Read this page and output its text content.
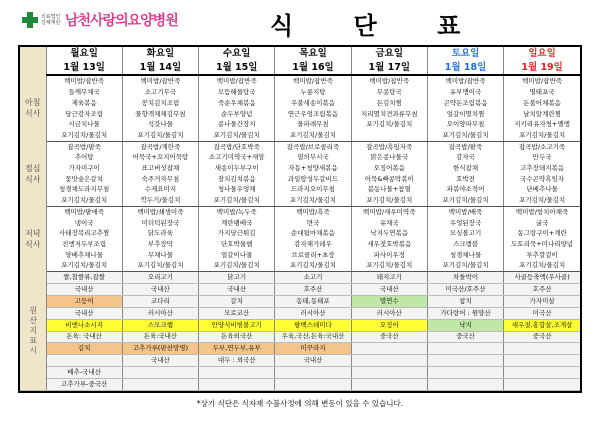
의료법인 김해재단 남천사랑의요양병원	식 단 표
	월요일	화요일	수요일	목요일	금요일	토요일	일요일
	1월 13일	1월 14일	1월 15일	1월 16일	1월 17일	1월 18일	1월 19일
아침
식사	백미밥/잡반죽	백미밥/잡반죽	백미밥/잡반죽	백미밥/잡반죽	백미밥/잡반죽	백미밥/잡반죽	백미밥/잡반죽
	들깨무채국	소고기무국	모듬해물탕국	누룽지탕	무콩탕국	유부맹이국	명태포국
	제육볶음	꽁치김치조림	죽순우채볶음	우불새송이볶음	돈김치찜	곤약돈조림볶음	돈불어채볶음
	당근감자조림	물향개채채김무침	순두부양념	연근우엉조림볶음	지리멸치견과류무침	얼갈이멸치찜	날치알계란찜
	시금치나물	석갓나물	콩나물간장지	물파래무침	포기김치/물김치	오이양파무침	지키리유자청+멜앵
	포기김치/물김치	포기김치/물김치	포기김치/물김치	포기김치/물김치		포기김치/물김치	포기김치/물김치
점심
식사	잡곡밥/팥죽	잡곡밥/계란죽	잡곡밥/단호박죽	잡곡밥/브로콜리죽	잡곡밥/흑임자죽	잡곡밥/팥죽	잡곡밥/소고기죽
	추어탕	어묵국+꼬지어묵탕	소고기미역국+새알	열의무시국	맑은콩나물국	감자국	만두국
	가자미구이	표고버섯잡채	새송이두부구이	자동+청양새볶음	오징어볶음	한식잡채	고추장돼지볶음
	꽃맛숲은갈치	숙주거자무침	잠치김치볶음	과일땅성두갈비드	어묵&빠콩막볶이	호박전	국수곤약흑임자
	청경채도라지무침	수제요미지	청나물우엉채	드라지오이무침	봄동나물+참혈	파볶야소적어	단배추나물
	포기김치/물김치	깍두기/물김치	포기김치/물김치	포기김치/물김치	포기김치/물김치	포기김치/물김치	포기김치/물김치
저녁
식사	백미밥/팥애죽	백미밥/쇄생이죽	백미밥/녹두죽	백미밥/흑죽	백미밥/새우미역죽	백미밥/배죽	백미밥/항치아채죽
	냉이국	미더덕된장국	계란팽배국	면국	유채국	우엉된장국	굴국
	사태장복리고추찜	닭도라육	가지당근튀김	순대됩마채볶음	낙지두연볶음	모싱볼고기	동그랑구이+계란
	진앵저두부조림	부추장막	단호박물헴	감자채가레우	새우젓호박볶음	스크램블	도토리묵+미나리양념
	양배추채나물	무채나물	얼갈이나물	브로콜리+초장	파사이우정	청경채나물	부추깔겉이
	포기김치/물김치	포기김치/물김치	포기김치/물김치	포기김치/물김치	포기김치/물김치	포기김치/물김치	포기김치/물김치
원산지표시	쌀,찹쌀류,잡쌀	오리고기	닭고기	소고기	돼지고기	차돌박이	사골등축액(우사골)
	국내산	국내산	국내산	호주산	국내산	미국산/호주산	호주산
	고등어	코다리	갈치	동태,동태포	멸연수	참치	가자미살
	국내산	러시아산	모로코산	러시아산	러시아산	가다랑어 : 원양산	미국산
	비엔나소시지	스모크햄	안양식비빔볼고기	팔백스데미다	오징어	낙지	새우젓,홍합살,조개살
	돈육: 국내산	돈육:국내산	돈육외국산	우육,국산,돈육:국내산	중국산	중국산	중국산
	김치	고추가루(판찬망명)	두부,연두부,유부	미꾸라지			
		국내산	대두 : 외국산	국내산			
	배추-국내산						
	고추가루-중국산						
*상기 식단은 식자재 수불사정에 의해 변동이 있을 수 있습니다.
